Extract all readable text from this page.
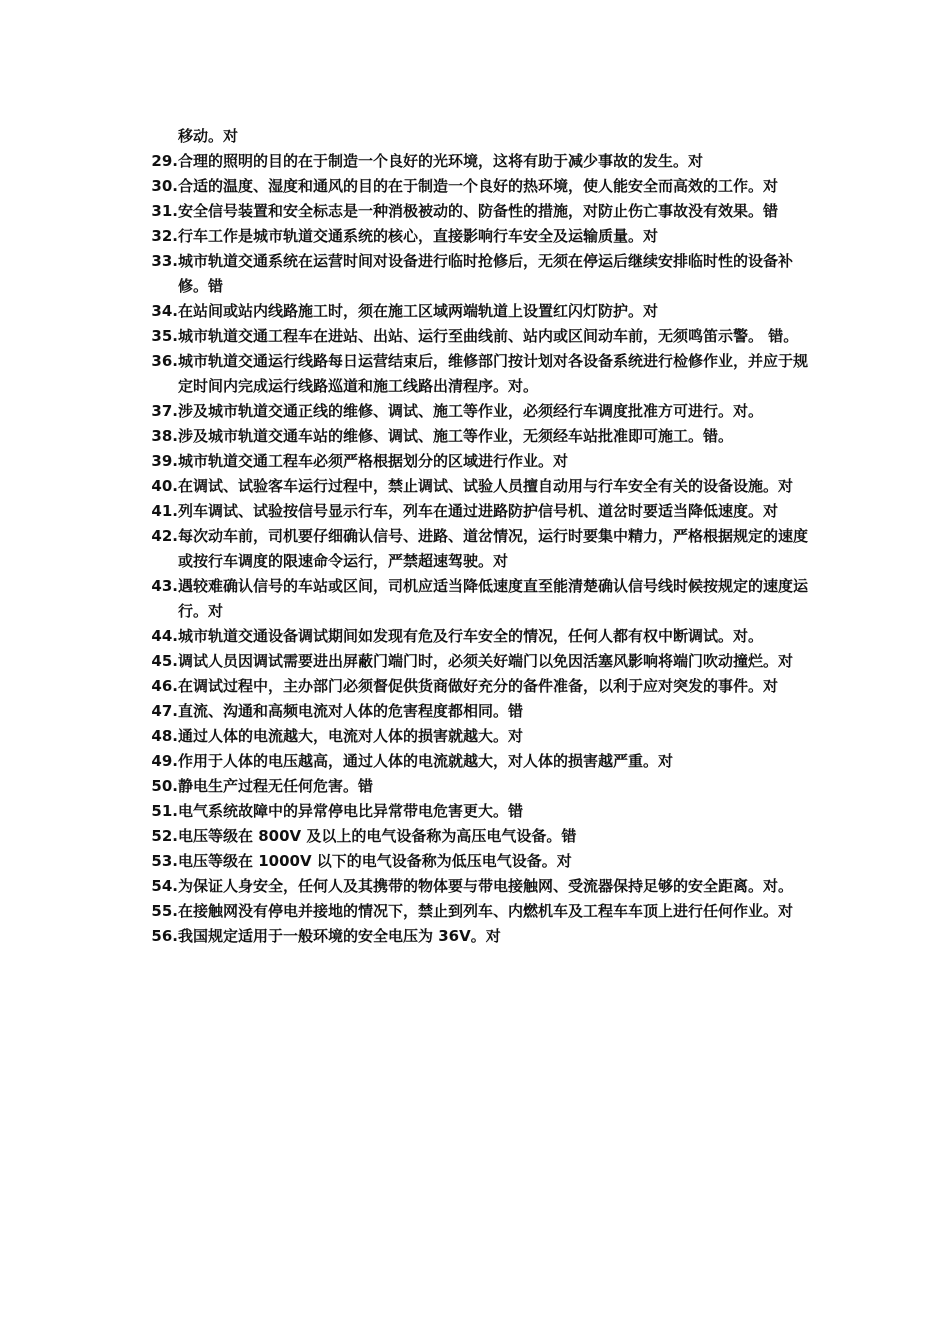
移动。对
29. 合理的照明的目的在于制造一个良好的光环境，这将有助于减少事故的发生。对
30. 合适的温度、湿度和通风的目的在于制造一个良好的热环境，使人能安全而高效的工作。对
31. 安全信号装置和安全标志是一种消极被动的、防备性的措施，对防止伤亡事故没有效果。错
32. 行车工作是城市轨道交通系统的核心，直接影响行车安全及运输质量。对
33. 城市轨道交通系统在运营时间对设备进行临时抢修后，无须在停运后继续安排临时性的设备补修。错
34. 在站间或站内线路施工时，须在施工区域两端轨道上设置红闪灯防护。对
35. 城市轨道交通工程车在进站、出站、运行至曲线前、站内或区间动车前，无须鸣笛示警。 错。
36. 城市轨道交通运行线路每日运营结束后，维修部门按计划对各设备系统进行检修作业，并应于规定时间内完成运行线路巡道和施工线路出清程序。对。
37. 涉及城市轨道交通正线的维修、调试、施工等作业，必须经行车调度批准方可进行。对。
38. 涉及城市轨道交通车站的维修、调试、施工等作业，无须经车站批准即可施工。错。
39. 城市轨道交通工程车必须严格根据划分的区域进行作业。对
40. 在调试、试验客车运行过程中，禁止调试、试验人员擅自动用与行车安全有关的设备设施。对
41. 列车调试、试验按信号显示行车，列车在通过进路防护信号机、道岔时要适当降低速度。对
42. 每次动车前，司机要仔细确认信号、进路、道岔情况，运行时要集中精力，严格根据规定的速度或按行车调度的限速命令运行，严禁超速驾驶。对
43. 遇较难确认信号的车站或区间，司机应适当降低速度直至能清楚确认信号线时候按规定的速度运行。对
44. 城市轨道交通设备调试期间如发现有危及行车安全的情况，任何人都有权中断调试。对。
45. 调试人员因调试需要进出屏蔽门端门时，必须关好端门以免因活塞风影响将端门吹动撞烂。对
46. 在调试过程中，主办部门必须督促供货商做好充分的备件准备，以利于应对突发的事件。对
47. 直流、沟通和高频电流对人体的危害程度都相同。错
48. 通过人体的电流越大，电流对人体的损害就越大。对
49. 作用于人体的电压越高，通过人体的电流就越大，对人体的损害越严重。对
50. 静电生产过程无任何危害。错
51. 电气系统故障中的异常停电比异常带电危害更大。错
52. 电压等级在 800V 及以上的电气设备称为高压电气设备。错
53. 电压等级在 1000V 以下的电气设备称为低压电气设备。对
54. 为保证人身安全，任何人及其携带的物体要与带电接触网、受流器保持足够的安全距离。对。
55. 在接触网没有停电并接地的情况下，禁止到列车、内燃机车及工程车车顶上进行任何作业。对
56. 我国规定适用于一般环境的安全电压为 36V。对
